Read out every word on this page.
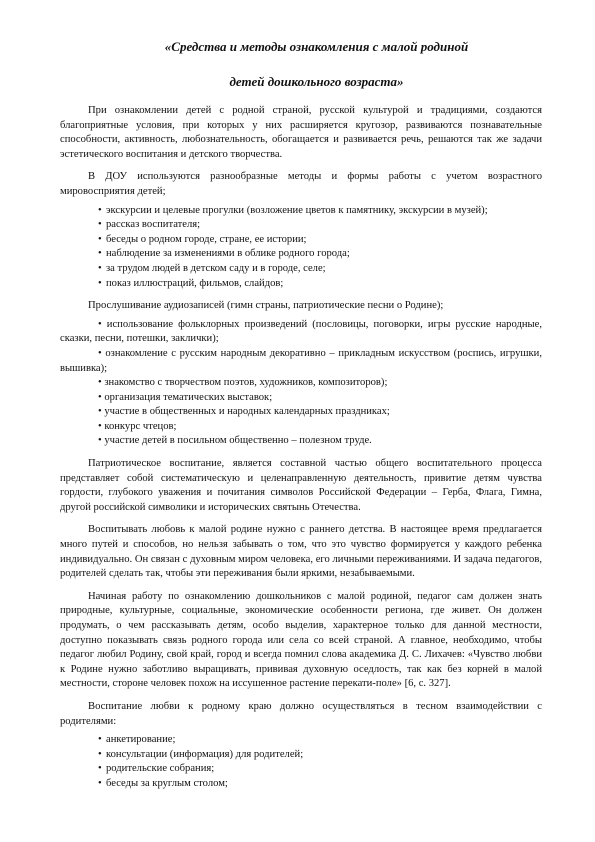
«Средства и методы ознакомления с малой родиной
детей дошкольного возраста»

При ознакомлении детей с родной страной, русской культурой и традициями, создаются благоприятные условия, при которых у них расширяется кругозор, развиваются познавательные способности, активность, любознательность, обогащается и развивается речь, решаются так же задачи эстетического воспитания и детского творчества.

В ДОУ используются разнообразные методы и формы работы с учетом возрастного мировосприятия детей;

• экскурсии и целевые прогулки (возложение цветов к памятнику, экскурсии в музей);
• рассказ воспитателя;
• беседы о родном городе, стране, ее истории;
• наблюдение за изменениями в облике родного города;
• за трудом людей в детском саду и в городе, селе;
• показ иллюстраций, фильмов, слайдов;

Прослушивание аудиозаписей (гимн страны, патриотические песни о Родине);

• использование фольклорных произведений (пословицы, поговорки, игры русские народные, сказки, песни, потешки, заклички);
• ознакомление с русским народным декоративно – прикладным искусством (роспись, игрушки, вышивка);
• знакомство с творчеством поэтов, художников, композиторов);
• организация тематических выставок;
• участие в общественных и народных календарных праздниках;
• конкурс чтецов;
• участие детей в посильном общественно – полезном труде.

Патриотическое воспитание, является составной частью общего воспитательного процесса представляет собой систематическую и целенаправленную деятельность, привитие детям чувства гордости, глубокого уважения и почитания символов Российской Федерации – Герба, Флага, Гимна, другой российской символики и исторических святынь Отечества.

Воспитывать любовь к малой родине нужно с раннего детства. В настоящее время предлагается много путей и способов, но нельзя забывать о том, что это чувство формируется у каждого ребенка индивидуально. Он связан с духовным миром человека, его личными переживаниями. И задача педагогов, родителей сделать так, чтобы эти переживания были яркими, незабываемыми.

Начиная работу по ознакомлению дошкольников с малой родиной, педагог сам должен знать природные, культурные, социальные, экономические особенности региона, где живет. Он должен продумать, о чем рассказывать детям, особо выделив, характерное только для данной местности, доступно показывать связь родного города или села со всей страной. А главное, необходимо, чтобы педагог любил Родину, свой край, город и всегда помнил слова академика Д. С. Лихачев: «Чувство любви к Родине нужно заботливо выращивать, прививая духовную оседлость, так как без корней в малой местности, стороне человек похож на иссушенное растение перекати-поле» [6, с. 327].

Воспитание любви к родному краю должно осуществляться в тесном взаимодействии с родителями:

• анкетирование;
• консультации (информация) для родителей;
• родительские собрания;
• беседы за круглым столом;
